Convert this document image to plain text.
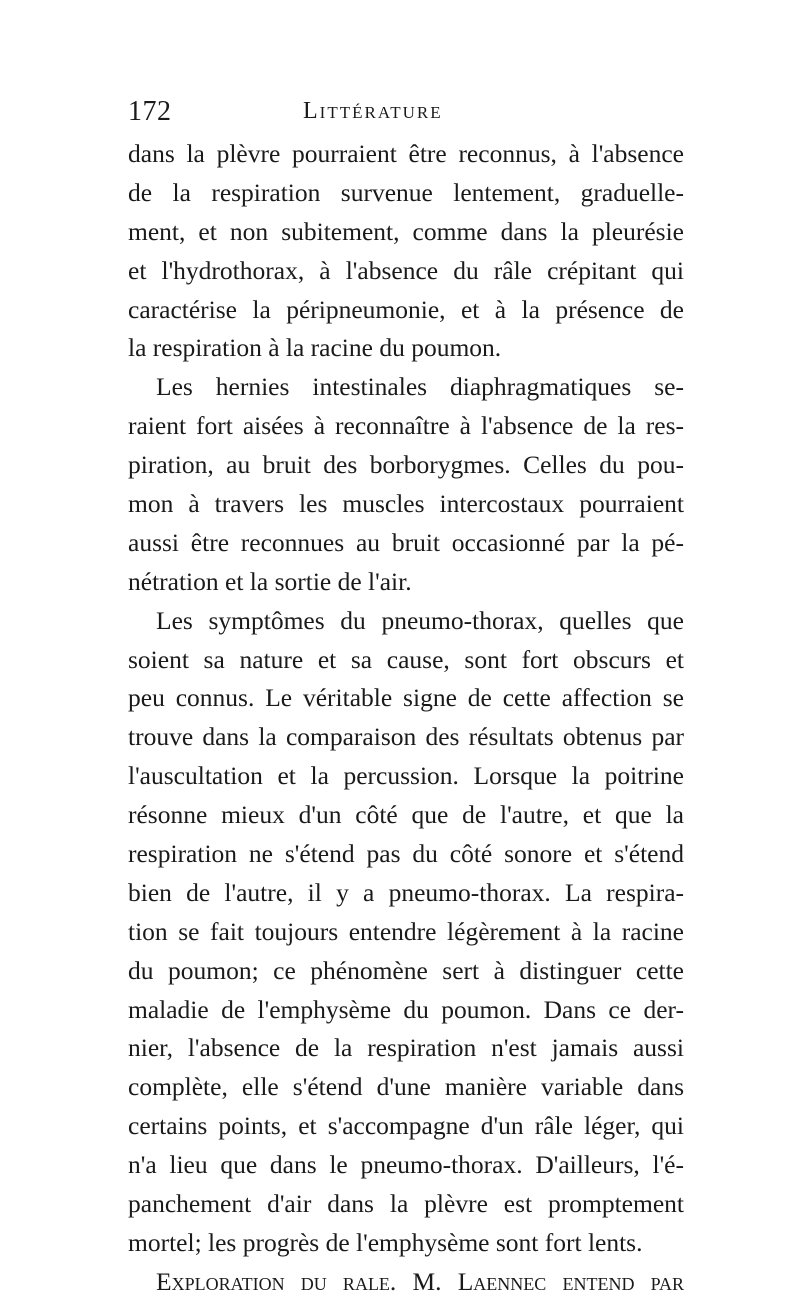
172	Littérature
dans la plèvre pourraient être reconnus, à l'absence
de la respiration survenue lentement, graduelle-
ment, et non subitement, comme dans la pleurésie
et l'hydrothorax, à l'absence du râle crépitant qui
caractérise la péripneumonie, et à la présence de
la respiration à la racine du poumon.
Les hernies intestinales diaphragmatiques se-
raient fort aisées à reconnaître à l'absence de la res-
piration, au bruit des borborygmes. Celles du pou-
mon à travers les muscles intercostaux pourraient
aussi être reconnues au bruit occasionné par la pé-
nétration et la sortie de l'air.
Les symptômes du pneumo-thorax, quelles que
soient sa nature et sa cause, sont fort obscurs et
peu connus. Le véritable signe de cette affection se
trouve dans la comparaison des résultats obtenus par
l'auscultation et la percussion. Lorsque la poitrine
résonne mieux d'un côté que de l'autre, et que la
respiration ne s'étend pas du côté sonore et s'étend
bien de l'autre, il y a pneumo-thorax. La respira-
tion se fait toujours entendre légèrement à la racine
du poumon; ce phénomène sert à distinguer cette
maladie de l'emphysème du poumon. Dans ce der-
nier, l'absence de la respiration n'est jamais aussi
complète, elle s'étend d'une manière variable dans
certains points, et s'accompagne d'un râle léger, qui
n'a lieu que dans le pneumo-thorax. D'ailleurs, l'é-
panchement d'air dans la plèvre est promptement
mortel; les progrès de l'emphysème sont fort lents.
Exploration du rale. M. Laennec entend par
